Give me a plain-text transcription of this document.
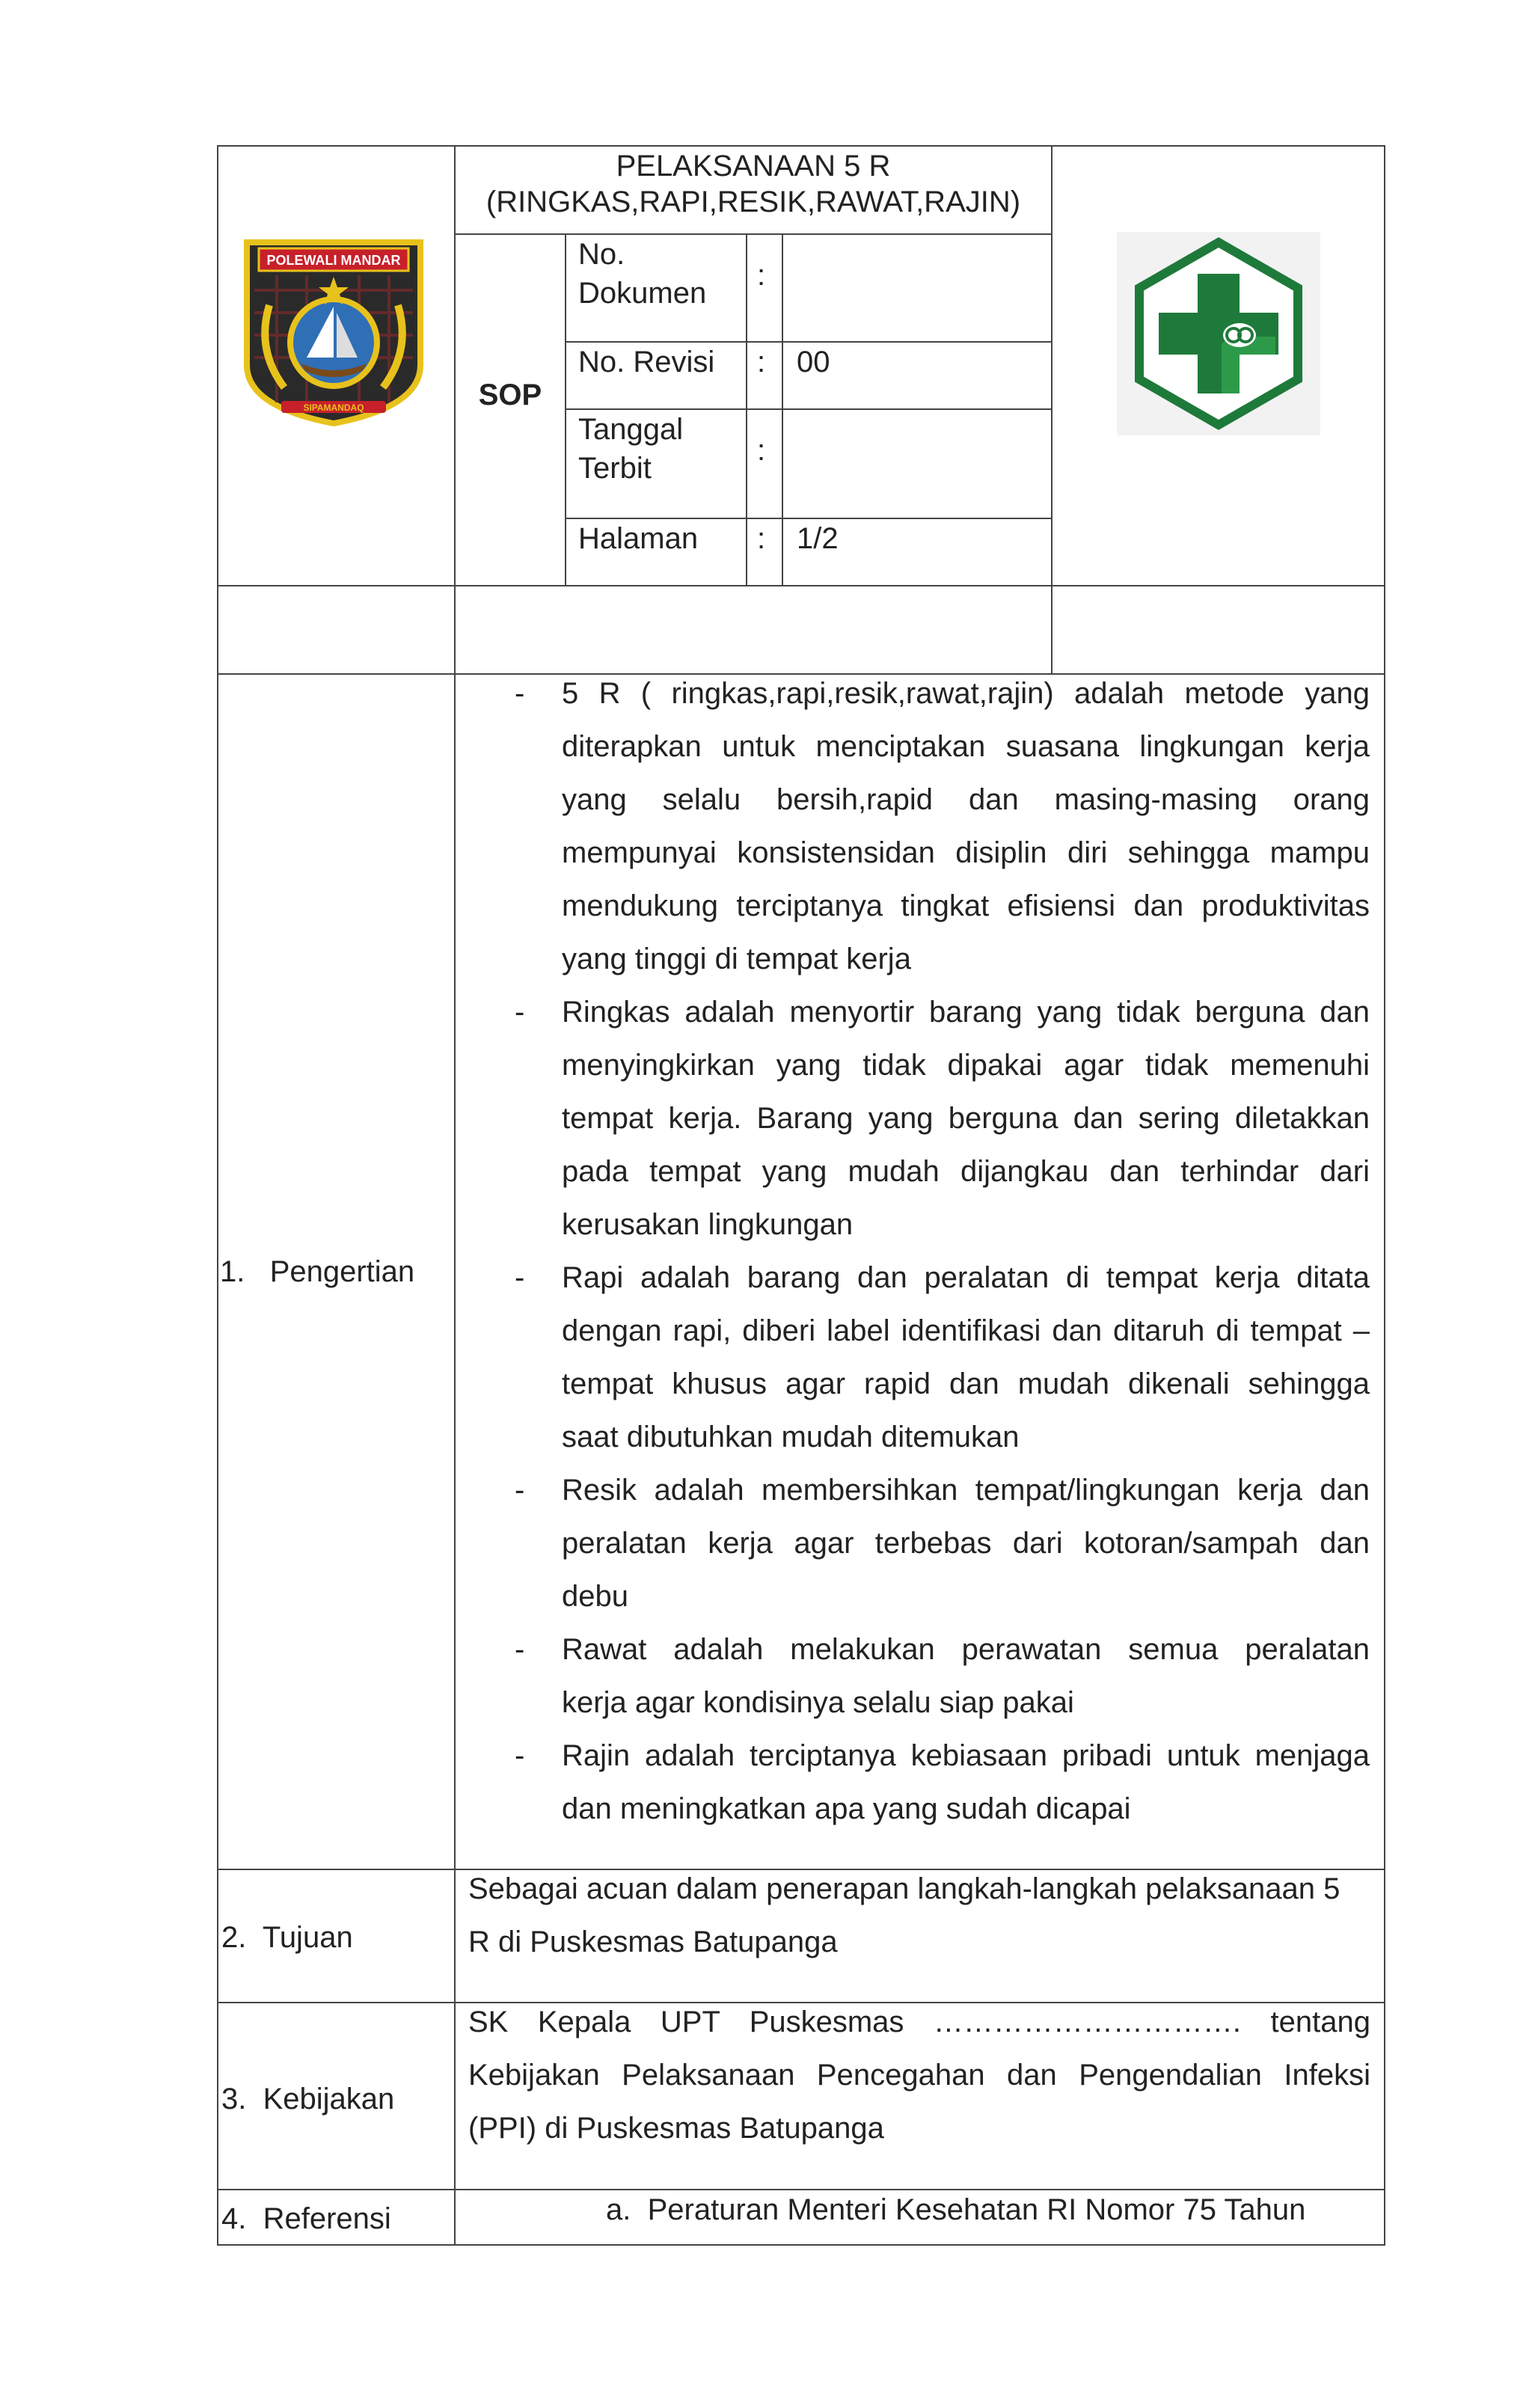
PELAKSANAAN 5 R
(RINGKAS,RAPI,RESIK,RAWAT,RAJIN)
SOP
No.
Dokumen
:
No. Revisi : 00
Tanggal
Terbit
:
Halaman : 1/2
POLEWALI MANDAR
SIPAMANDAQ
1.   Pengertian
- 5 R ( ringkas,rapi,resik,rawat,rajin) adalah metode yang
diterapkan untuk menciptakan suasana lingkungan kerja
yang selalu bersih,rapid dan masing-masing orang
mempunyai konsistensidan disiplin diri sehingga mampu
mendukung terciptanya tingkat efisiensi dan produktivitas
yang tinggi di tempat kerja
- Ringkas adalah menyortir barang yang tidak berguna dan
menyingkirkan yang tidak dipakai agar tidak memenuhi
tempat kerja. Barang yang berguna dan sering diletakkan
pada tempat yang mudah dijangkau dan terhindar dari
kerusakan lingkungan
- Rapi adalah barang dan peralatan di tempat kerja ditata
dengan rapi, diberi label identifikasi dan ditaruh di tempat –
tempat khusus agar rapid dan mudah dikenali sehingga
saat dibutuhkan mudah ditemukan
- Resik adalah membersihkan tempat/lingkungan kerja dan
peralatan kerja agar terbebas dari kotoran/sampah dan
debu
- Rawat adalah melakukan perawatan semua peralatan
kerja agar kondisinya selalu siap pakai
- Rajin adalah terciptanya kebiasaan pribadi untuk menjaga
dan meningkatkan apa yang sudah dicapai
2.  Tujuan
Sebagai acuan dalam penerapan langkah-langkah pelaksanaan 5
R di Puskesmas Batupanga
3.  Kebijakan
SK Kepala UPT Puskesmas …………………………. tentang
Kebijakan Pelaksanaan Pencegahan dan Pengendalian Infeksi
(PPI) di Puskesmas Batupanga
4.  Referensi	a.  Peraturan Menteri Kesehatan RI Nomor 75 Tahun
